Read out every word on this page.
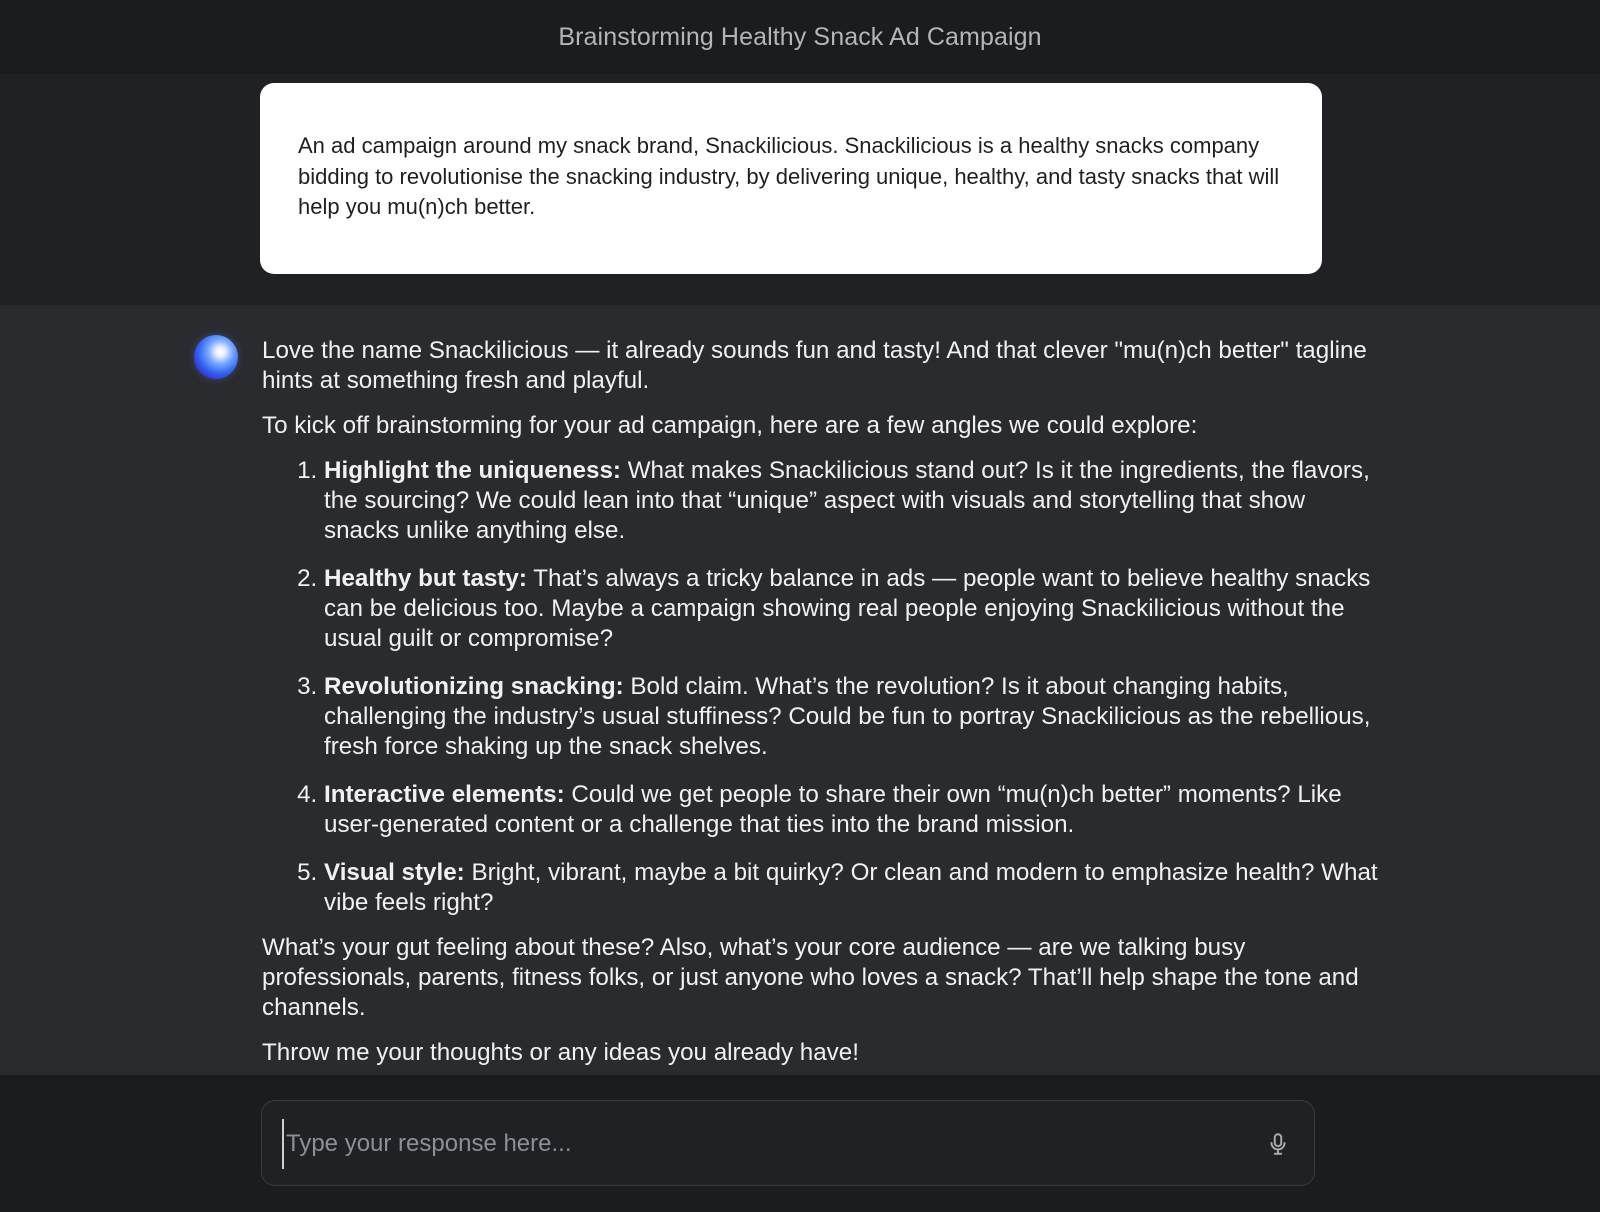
Brainstorming Healthy Snack Ad Campaign

An ad campaign around my snack brand, Snackilicious. Snackilicious is a healthy snacks company bidding to revolutionise the snacking industry, by delivering unique, healthy, and tasty snacks that will help you mu(n)ch better.

Love the name Snackilicious — it already sounds fun and tasty! And that clever "mu(n)ch better" tagline hints at something fresh and playful.

To kick off brainstorming for your ad campaign, here are a few angles we could explore:

1. Highlight the uniqueness: What makes Snackilicious stand out? Is it the ingredients, the flavors, the sourcing? We could lean into that “unique” aspect with visuals and storytelling that show snacks unlike anything else.
2. Healthy but tasty: That’s always a tricky balance in ads — people want to believe healthy snacks can be delicious too. Maybe a campaign showing real people enjoying Snackilicious without the usual guilt or compromise?
3. Revolutionizing snacking: Bold claim. What’s the revolution? Is it about changing habits, challenging the industry’s usual stuffiness? Could be fun to portray Snackilicious as the rebellious, fresh force shaking up the snack shelves.
4. Interactive elements: Could we get people to share their own “mu(n)ch better” moments? Like user-generated content or a challenge that ties into the brand mission.
5. Visual style: Bright, vibrant, maybe a bit quirky? Or clean and modern to emphasize health? What vibe feels right?

What’s your gut feeling about these? Also, what’s your core audience — are we talking busy professionals, parents, fitness folks, or just anyone who loves a snack? That’ll help shape the tone and channels.

Throw me your thoughts or any ideas you already have!

Type your response here...
